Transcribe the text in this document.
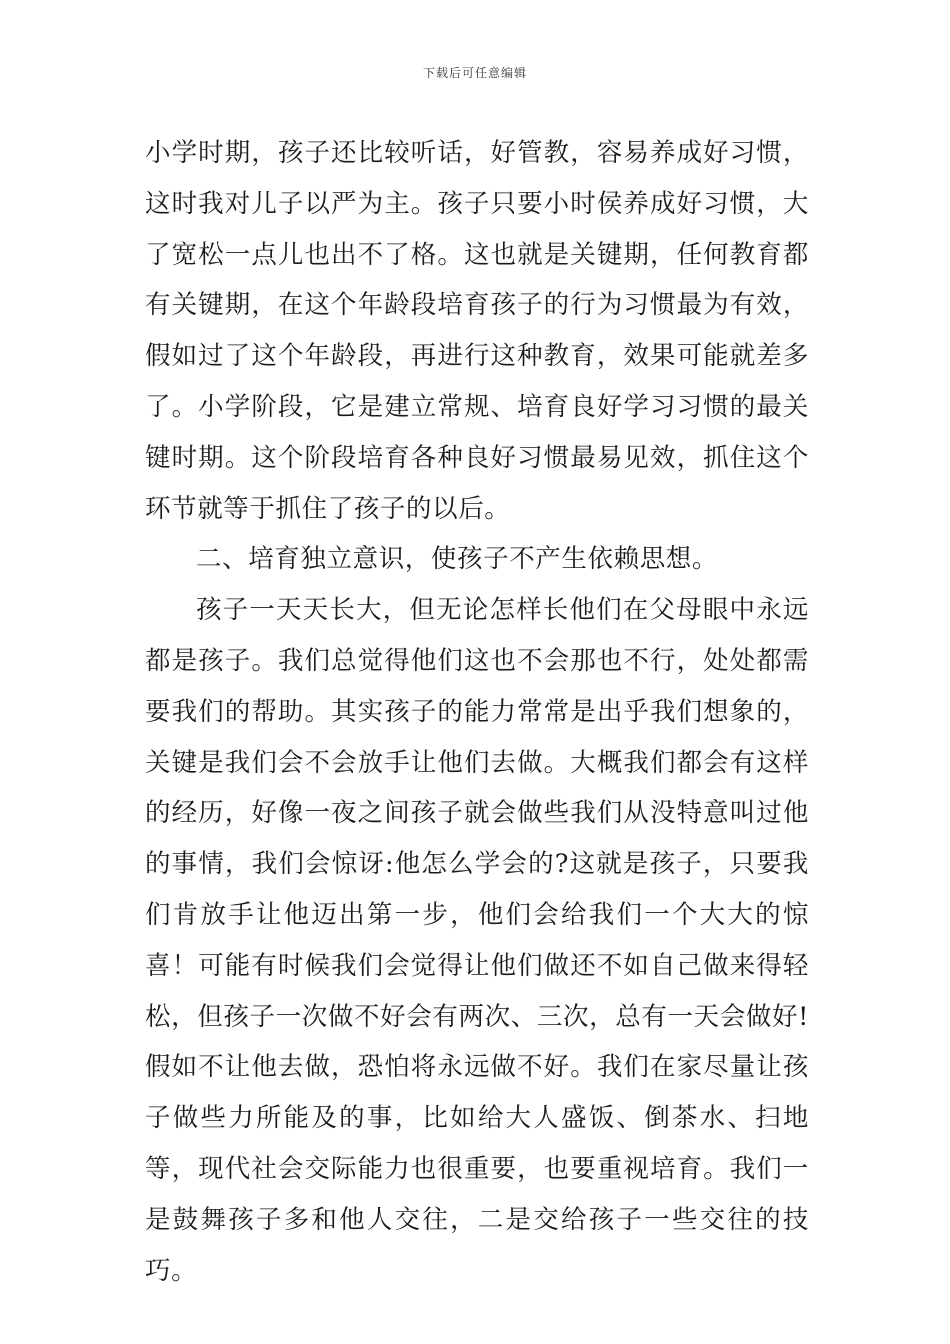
下载后可任意编辑

小学时期，孩子还比较听话，好管教，容易养成好习惯，这时我对儿子以严为主。孩子只要小时侯养成好习惯，大了宽松一点儿也出不了格。这也就是关键期，任何教育都有关键期，在这个年龄段培育孩子的行为习惯最为有效，假如过了这个年龄段，再进行这种教育，效果可能就差多了。小学阶段，它是建立常规、培育良好学习习惯的最关键时期。这个阶段培育各种良好习惯最易见效，抓住这个环节就等于抓住了孩子的以后。

二、培育独立意识，使孩子不产生依赖思想。

孩子一天天长大，但无论怎样长他们在父母眼中永远都是孩子。我们总觉得他们这也不会那也不行，处处都需要我们的帮助。其实孩子的能力常常是出乎我们想象的，关键是我们会不会放手让他们去做。大概我们都会有这样的经历，好像一夜之间孩子就会做些我们从没特意叫过他的事情，我们会惊讶:他怎么学会的?这就是孩子，只要我们肯放手让他迈出第一步，他们会给我们一个大大的惊喜！可能有时候我们会觉得让他们做还不如自己做来得轻松，但孩子一次做不好会有两次、三次，总有一天会做好!假如不让他去做，恐怕将永远做不好。我们在家尽量让孩子做些力所能及的事，比如给大人盛饭、倒茶水、扫地等，现代社会交际能力也很重要，也要重视培育。我们一是鼓舞孩子多和他人交往，二是交给孩子一些交往的技巧。
